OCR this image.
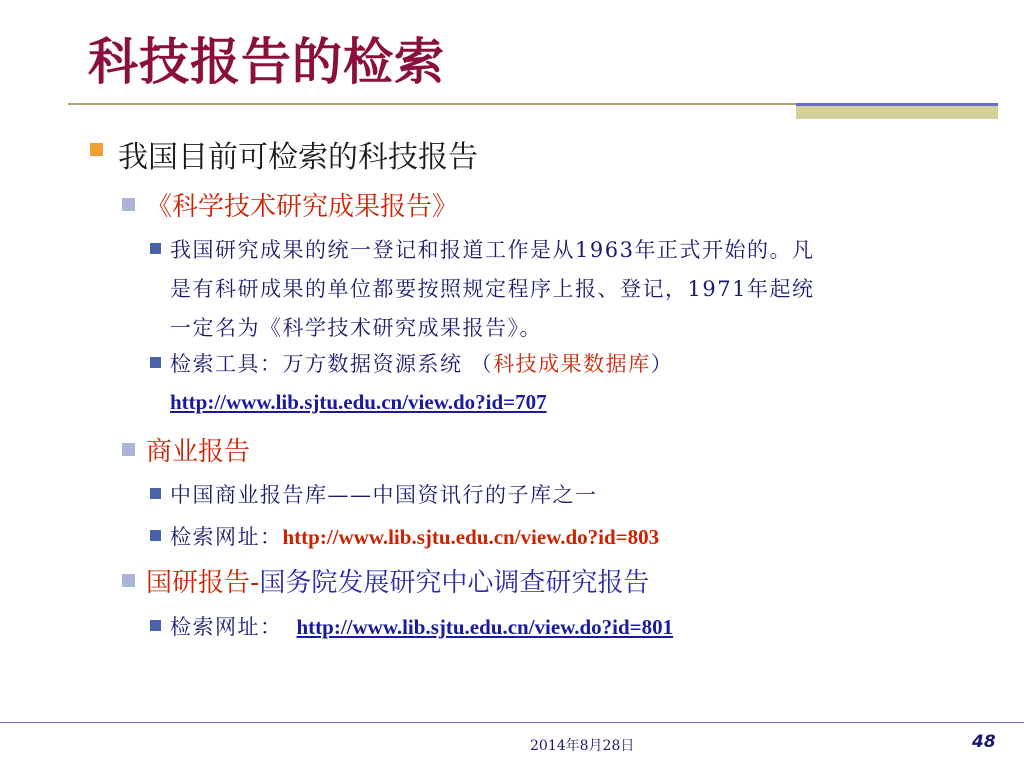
科技报告的检索
我国目前可检索的科技报告
《科学技术研究成果报告》
我国研究成果的统一登记和报道工作是从1963年正式开始的。凡
是有科研成果的单位都要按照规定程序上报、登记，1971年起统
一定名为《科学技术研究成果报告》。
检索工具：万方数据资源系统 （科技成果数据库）
http://www.lib.sjtu.edu.cn/view.do?id=707
商业报告
中国商业报告库——中国资讯行的子库之一
检索网址：http://www.lib.sjtu.edu.cn/view.do?id=803
国研报告-国务院发展研究中心调查研究报告
检索网址： http://www.lib.sjtu.edu.cn/view.do?id=801
2014年8月28日	48
